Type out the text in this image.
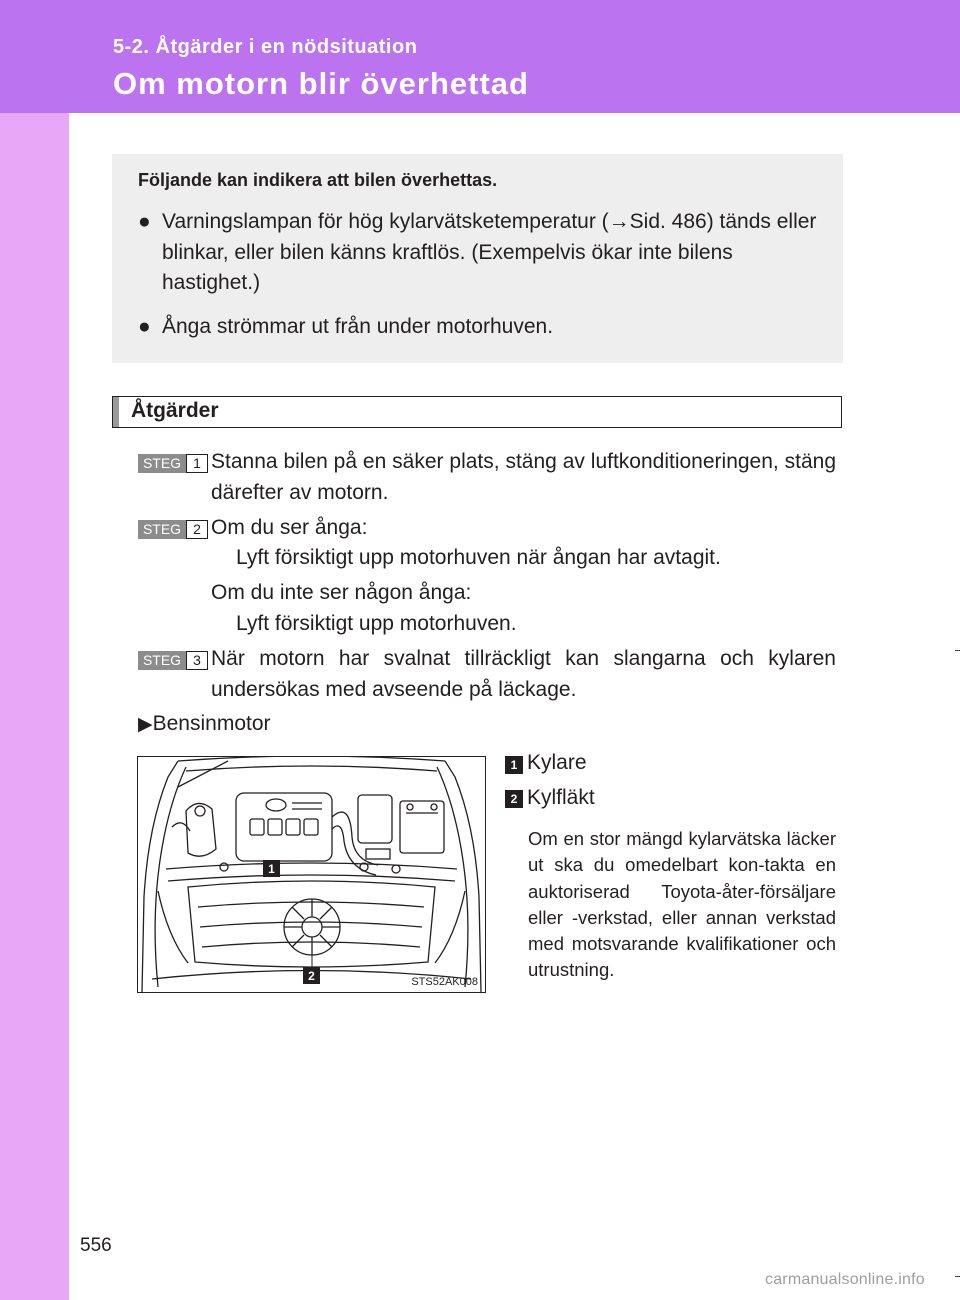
5-2. Åtgärder i en nödsituation
Om motorn blir överhettad
Följande kan indikera att bilen överhettas.
● Varningslampan för hög kylarvätsketemperatur (→Sid. 486) tänds eller blinkar, eller bilen känns kraftlös. (Exempelvis ökar inte bilens hastighet.)
● Ånga strömmar ut från under motorhuven.
Åtgärder
STEG 1 Stanna bilen på en säker plats, stäng av luftkonditioneringen, stäng därefter av motorn.
STEG 2 Om du ser ånga:
Lyft försiktigt upp motorhuven när ångan har avtagit.
Om du inte ser någon ånga:
Lyft försiktigt upp motorhuven.
STEG 3 När motorn har svalnat tillräckligt kan slangarna och kylaren undersökas med avseende på läckage.
▶Bensinmotor
1 Kylare
2 Kylfläkt
1
2	STS52AK008
Om en stor mängd kylarvätska läcker ut ska du omedelbart kon-takta en auktoriserad Toyota-åter-försäljare eller -verkstad, eller annan verkstad med motsvarande kvalifikationer och utrustning.
556
carmanualsonline.info
